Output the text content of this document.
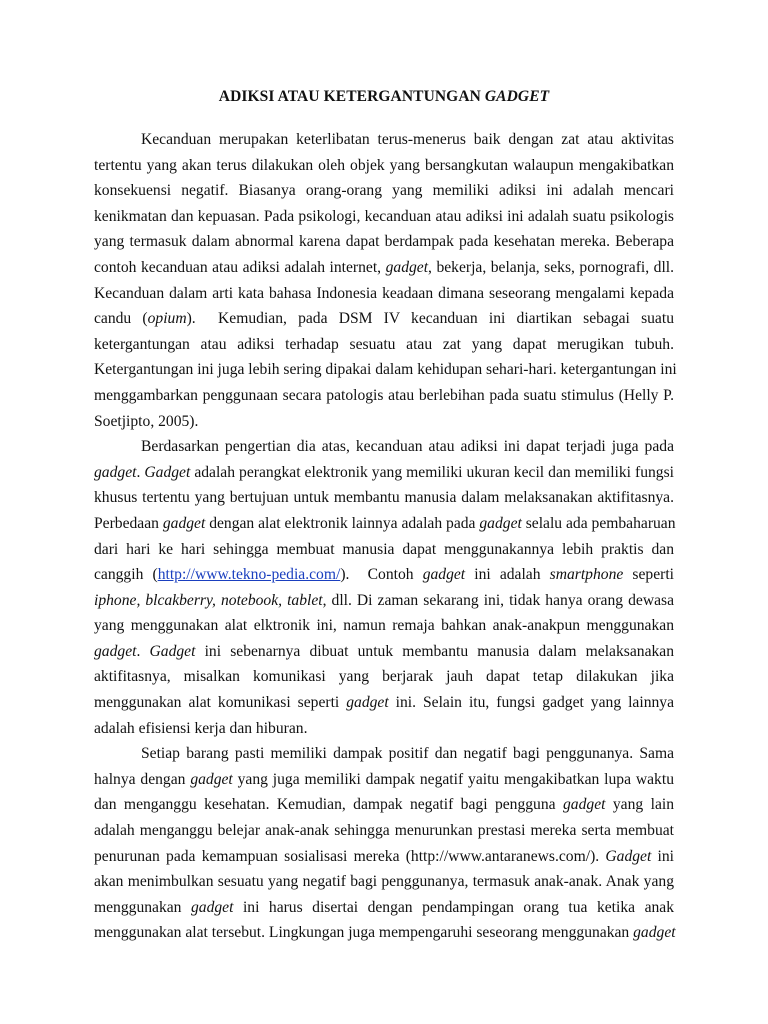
ADIKSI ATAU KETERGANTUNGAN GADGET
Kecanduan merupakan keterlibatan terus-menerus baik dengan zat atau aktivitas
tertentu yang akan terus dilakukan oleh objek yang bersangkutan walaupun mengakibatkan
konsekuensi negatif. Biasanya orang-orang yang memiliki adiksi ini adalah mencari
kenikmatan dan kepuasan. Pada psikologi, kecanduan atau adiksi ini adalah suatu psikologis
yang termasuk dalam abnormal karena dapat berdampak pada kesehatan mereka. Beberapa
contoh kecanduan atau adiksi adalah internet, gadget, bekerja, belanja, seks, pornografi, dll.
Kecanduan dalam arti kata bahasa Indonesia keadaan dimana seseorang mengalami kepada
candu (opium).  Kemudian, pada DSM IV kecanduan ini diartikan sebagai suatu
ketergantungan atau adiksi terhadap sesuatu atau zat yang dapat merugikan tubuh.
Ketergantungan ini juga lebih sering dipakai dalam kehidupan sehari-hari. ketergantungan ini
menggambarkan penggunaan secara patologis atau berlebihan pada suatu stimulus (Helly P.
Soetjipto, 2005).
Berdasarkan pengertian dia atas, kecanduan atau adiksi ini dapat terjadi juga pada
gadget. Gadget adalah perangkat elektronik yang memiliki ukuran kecil dan memiliki fungsi
khusus tertentu yang bertujuan untuk membantu manusia dalam melaksanakan aktifitasnya.
Perbedaan gadget dengan alat elektronik lainnya adalah pada gadget selalu ada pembaharuan
dari hari ke hari sehingga membuat manusia dapat menggunakannya lebih praktis dan
canggih (http://www.tekno-pedia.com/).  Contoh gadget ini adalah smartphone seperti
iphone, blcakberry, notebook, tablet, dll. Di zaman sekarang ini, tidak hanya orang dewasa
yang menggunakan alat elktronik ini, namun remaja bahkan anak-anakpun menggunakan
gadget. Gadget ini sebenarnya dibuat untuk membantu manusia dalam melaksanakan
aktifitasnya, misalkan komunikasi yang berjarak jauh dapat tetap dilakukan jika
menggunakan alat komunikasi seperti gadget ini. Selain itu, fungsi gadget yang lainnya
adalah efisiensi kerja dan hiburan.
Setiap barang pasti memiliki dampak positif dan negatif bagi penggunanya. Sama
halnya dengan gadget yang juga memiliki dampak negatif yaitu mengakibatkan lupa waktu
dan menganggu kesehatan. Kemudian, dampak negatif bagi pengguna gadget yang lain
adalah menganggu belejar anak-anak sehingga menurunkan prestasi mereka serta membuat
penurunan pada kemampuan sosialisasi mereka (http://www.antaranews.com/). Gadget ini
akan menimbulkan sesuatu yang negatif bagi penggunanya, termasuk anak-anak. Anak yang
menggunakan gadget ini harus disertai dengan pendampingan orang tua ketika anak
menggunakan alat tersebut. Lingkungan juga mempengaruhi seseorang menggunakan gadget
